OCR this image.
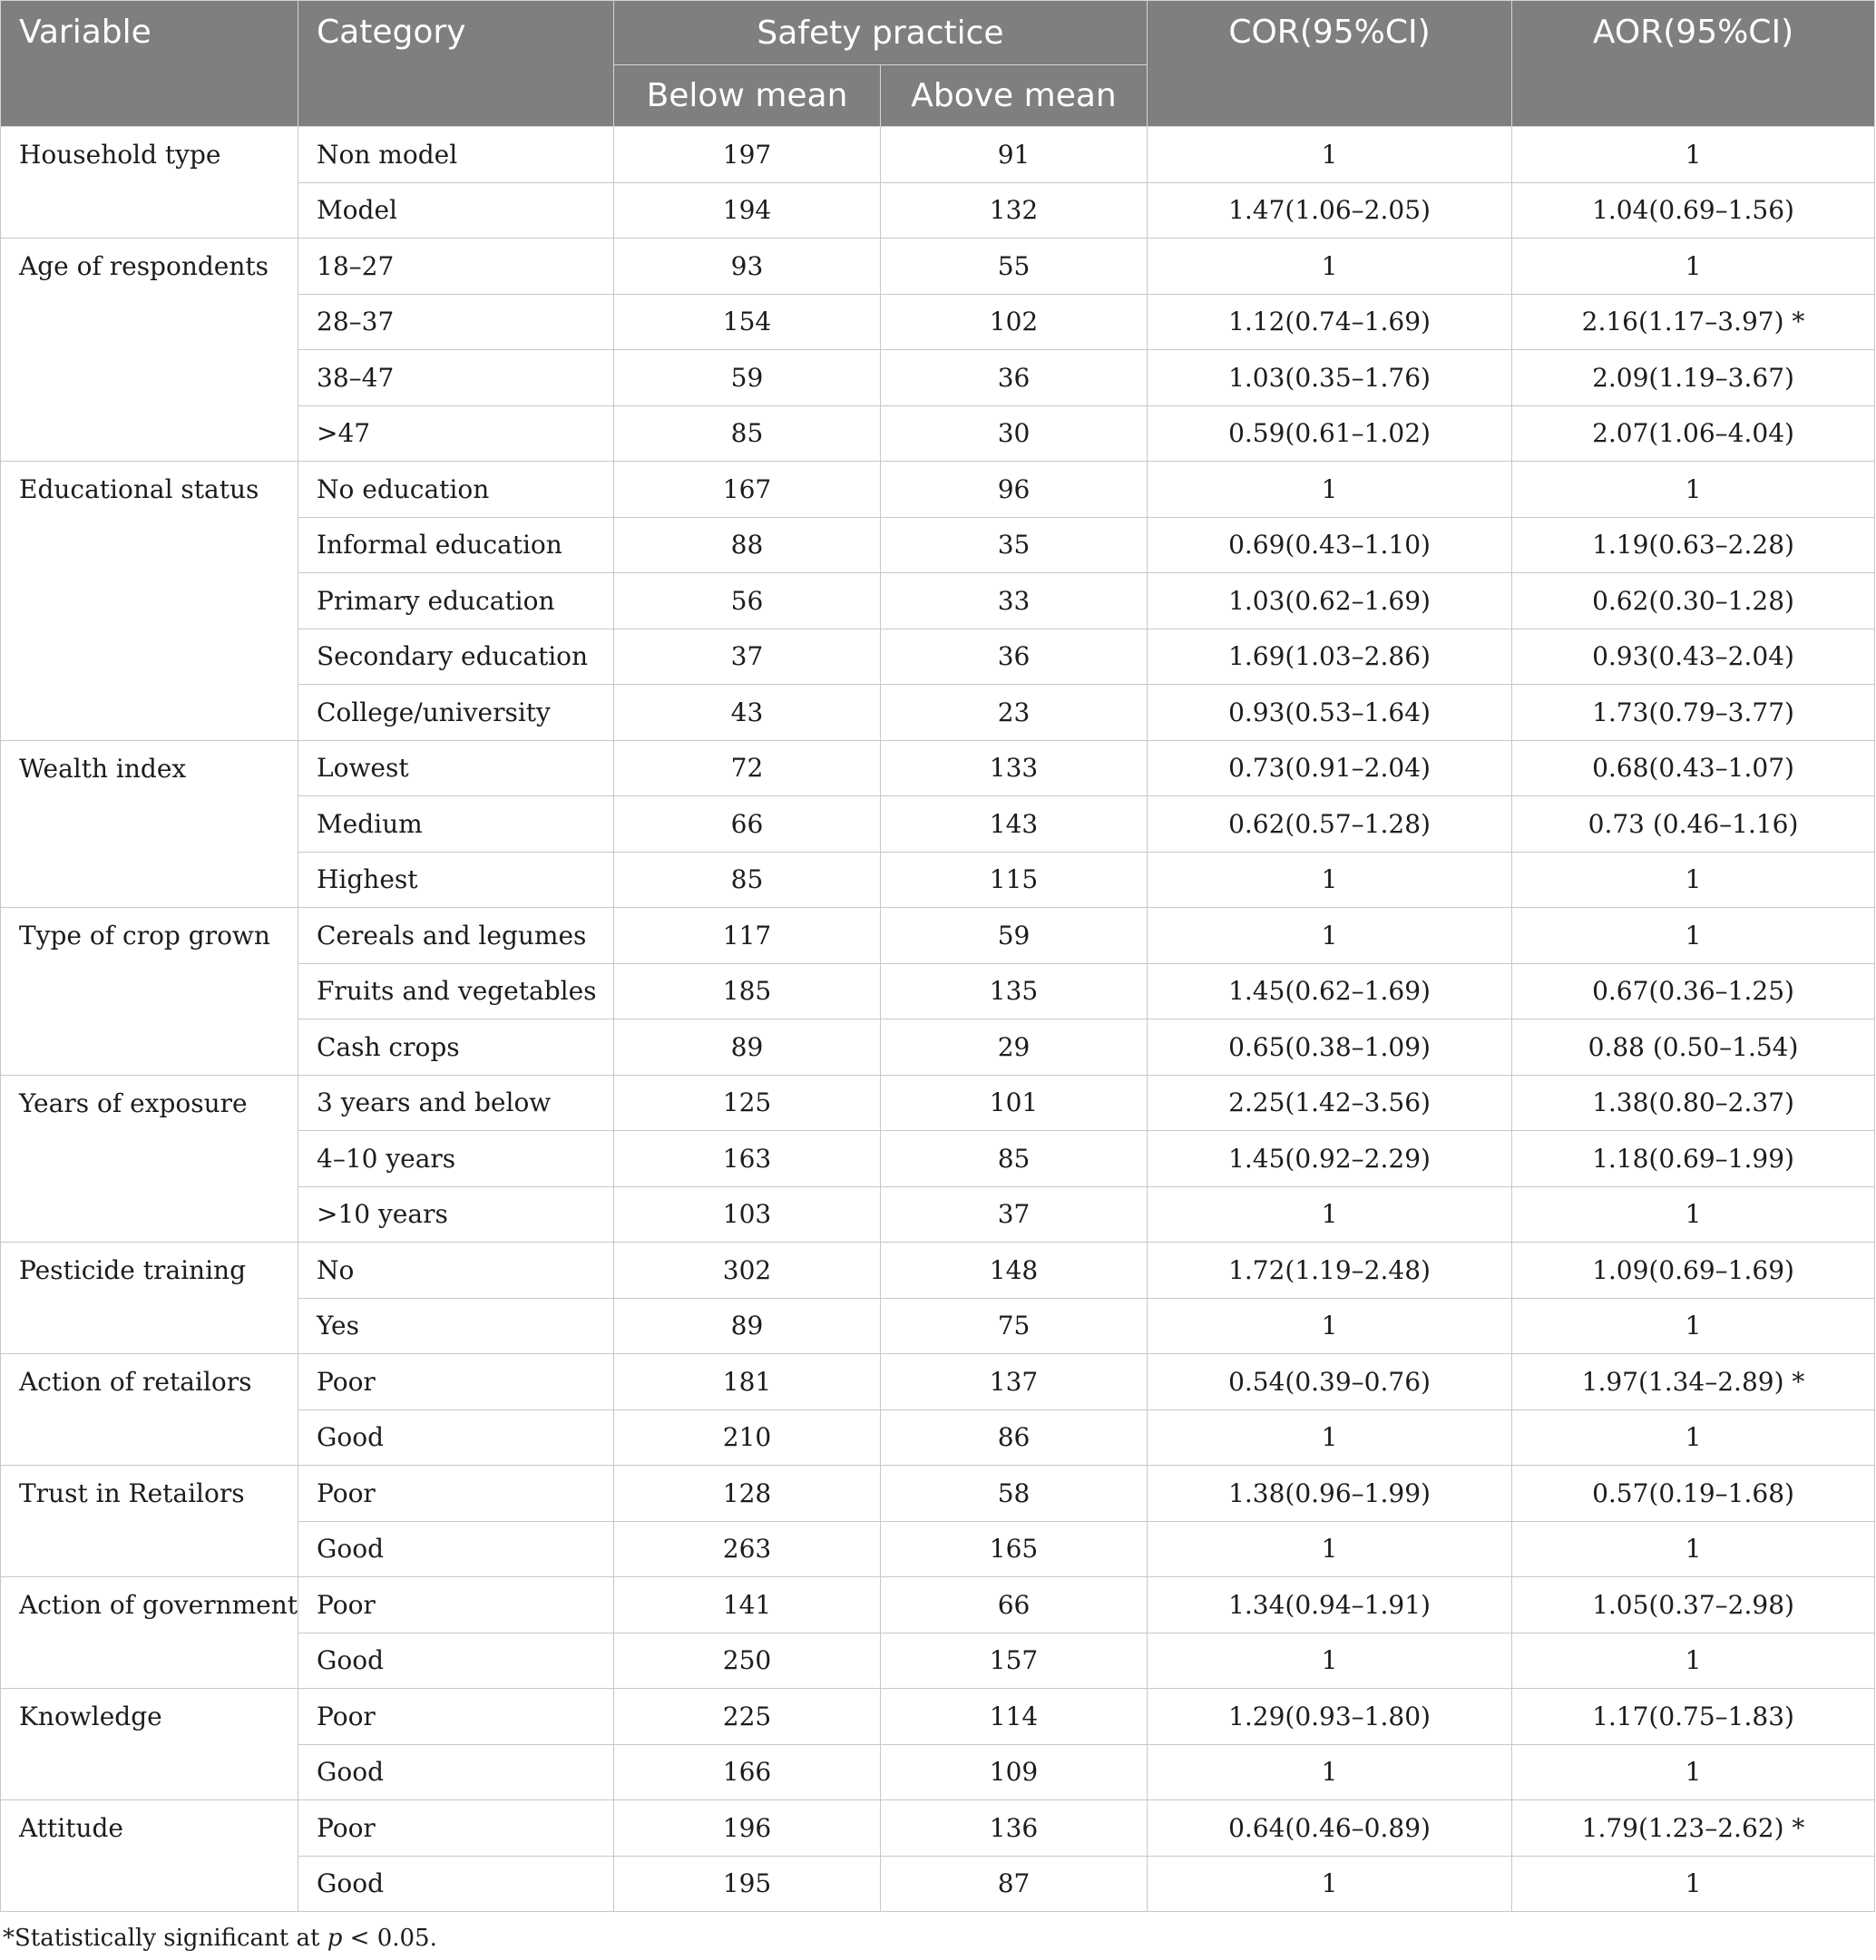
Variable	Category	Safety practice		COR(95%CI)	AOR(95%CI)
		Below mean	Above mean		
Household type	Non model	197	91	1	1
	Model	194	132	1.47(1.06–2.05)	1.04(0.69–1.56)
Age of respondents	18–27	93	55	1	1
	28–37	154	102	1.12(0.74–1.69)	2.16(1.17–3.97) *
	38–47	59	36	1.03(0.35–1.76)	2.09(1.19–3.67)
	>47	85	30	0.59(0.61–1.02)	2.07(1.06–4.04)
Educational status	No education	167	96	1	1
	Informal education	88	35	0.69(0.43–1.10)	1.19(0.63–2.28)
	Primary education	56	33	1.03(0.62–1.69)	0.62(0.30–1.28)
	Secondary education	37	36	1.69(1.03–2.86)	0.93(0.43–2.04)
	College/university	43	23	0.93(0.53–1.64)	1.73(0.79–3.77)
Wealth index	Lowest	72	133	0.73(0.91–2.04)	0.68(0.43–1.07)
	Medium	66	143	0.62(0.57–1.28)	0.73 (0.46–1.16)
	Highest	85	115	1	1
Type of crop grown	Cereals and legumes	117	59	1	1
	Fruits and vegetables	185	135	1.45(0.62–1.69)	0.67(0.36–1.25)
	Cash crops	89	29	0.65(0.38–1.09)	0.88 (0.50–1.54)
Years of exposure	3 years and below	125	101	2.25(1.42–3.56)	1.38(0.80–2.37)
	4–10 years	163	85	1.45(0.92–2.29)	1.18(0.69–1.99)
	>10 years	103	37	1	1
Pesticide training	No	302	148	1.72(1.19–2.48)	1.09(0.69–1.69)
	Yes	89	75	1	1
Action of retailors	Poor	181	137	0.54(0.39–0.76)	1.97(1.34–2.89) *
	Good	210	86	1	1
Trust in Retailors	Poor	128	58	1.38(0.96–1.99)	0.57(0.19–1.68)
	Good	263	165	1	1
Action of government	Poor	141	66	1.34(0.94–1.91)	1.05(0.37–2.98)
	Good	250	157	1	1
Knowledge	Poor	225	114	1.29(0.93–1.80)	1.17(0.75–1.83)
	Good	166	109	1	1
Attitude	Poor	196	136	0.64(0.46–0.89)	1.79(1.23–2.62) *
	Good	195	87	1	1
*Statistically significant at p < 0.05.
